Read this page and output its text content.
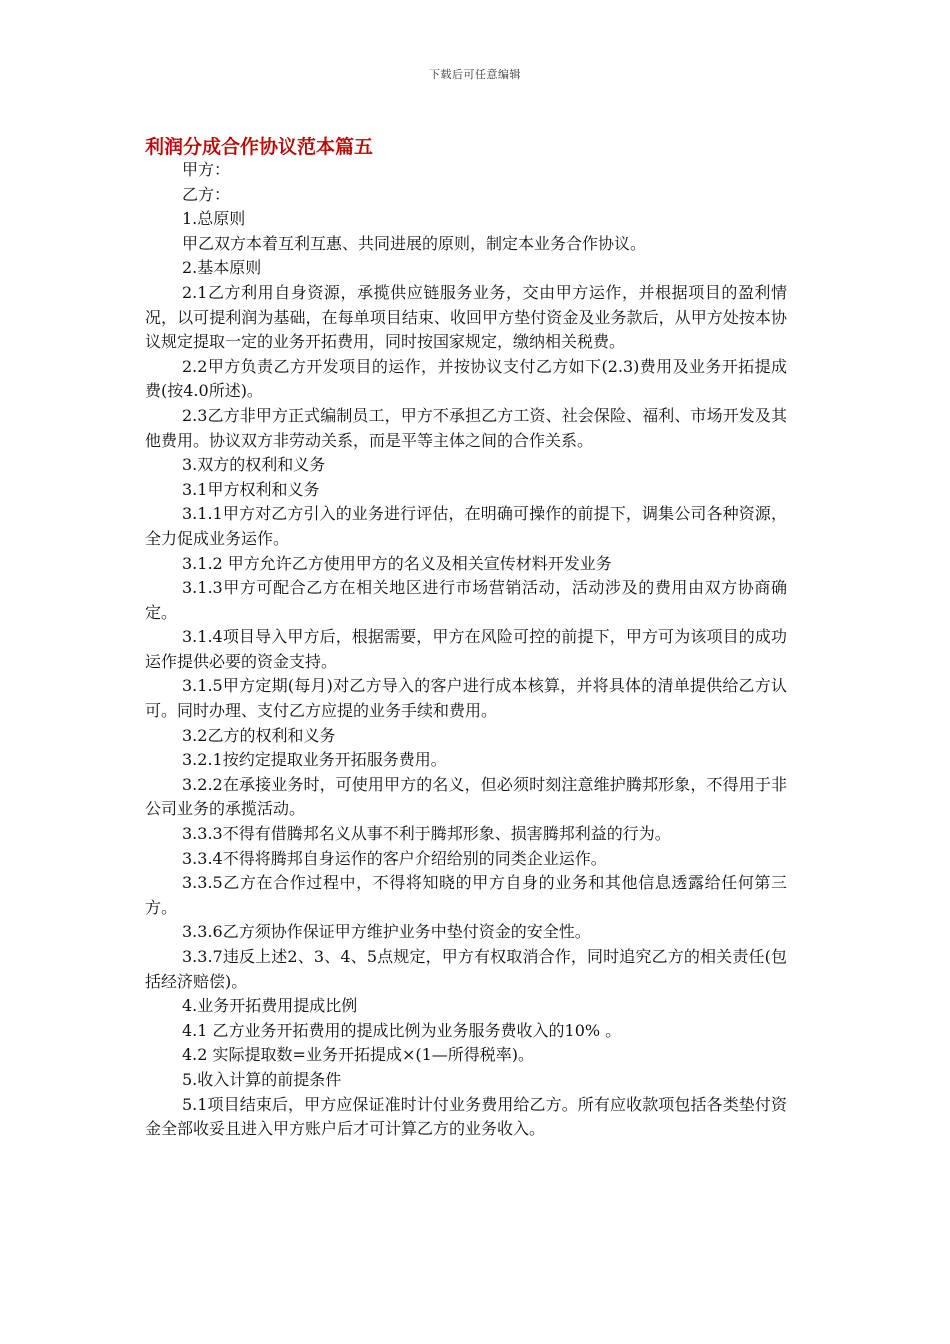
下载后可任意编辑
利润分成合作协议范本篇五

甲方：

乙方：

1.总原则

甲乙双方本着互利互惠、共同进展的原则，制定本业务合作协议。

2.基本原则

2.1乙方利用自身资源，承揽供应链服务业务，交由甲方运作，并根据项目的盈利情况，以可提利润为基础，在每单项目结束、收回甲方垫付资金及业务款后，从甲方处按本协议规定提取一定的业务开拓费用，同时按国家规定，缴纳相关税费。

2.2甲方负责乙方开发项目的运作，并按协议支付乙方如下(2.3)费用及业务开拓提成费(按4.0所述)。

2.3乙方非甲方正式编制员工，甲方不承担乙方工资、社会保险、福利、市场开发及其他费用。协议双方非劳动关系，而是平等主体之间的合作关系。

3.双方的权利和义务

3.1甲方权利和义务

3.1.1甲方对乙方引入的业务进行评估，在明确可操作的前提下，调集公司各种资源，全力促成业务运作。

3.1.2 甲方允许乙方使用甲方的名义及相关宣传材料开发业务

3.1.3甲方可配合乙方在相关地区进行市场营销活动，活动涉及的费用由双方协商确定。

3.1.4项目导入甲方后，根据需要，甲方在风险可控的前提下，甲方可为该项目的成功运作提供必要的资金支持。

3.1.5甲方定期(每月)对乙方导入的客户进行成本核算，并将具体的清单提供给乙方认可。同时办理、支付乙方应提的业务手续和费用。

3.2乙方的权利和义务

3.2.1按约定提取业务开拓服务费用。

3.2.2在承接业务时，可使用甲方的名义，但必须时刻注意维护腾邦形象，不得用于非公司业务的承揽活动。

3.3.3不得有借腾邦名义从事不利于腾邦形象、损害腾邦利益的行为。

3.3.4不得将腾邦自身运作的客户介绍给别的同类企业运作。

3.3.5乙方在合作过程中，不得将知晓的甲方自身的业务和其他信息透露给任何第三方。

3.3.6乙方须协作保证甲方维护业务中垫付资金的安全性。

3.3.7违反上述2、3、4、5点规定，甲方有权取消合作，同时追究乙方的相关责任(包括经济赔偿)。

4.业务开拓费用提成比例

4.1 乙方业务开拓费用的提成比例为业务服务费收入的10% 。

4.2 实际提取数=业务开拓提成×(1—所得税率)。

5.收入计算的前提条件

5.1项目结束后，甲方应保证准时计付业务费用给乙方。所有应收款项包括各类垫付资金全部收妥且进入甲方账户后才可计算乙方的业务收入。
